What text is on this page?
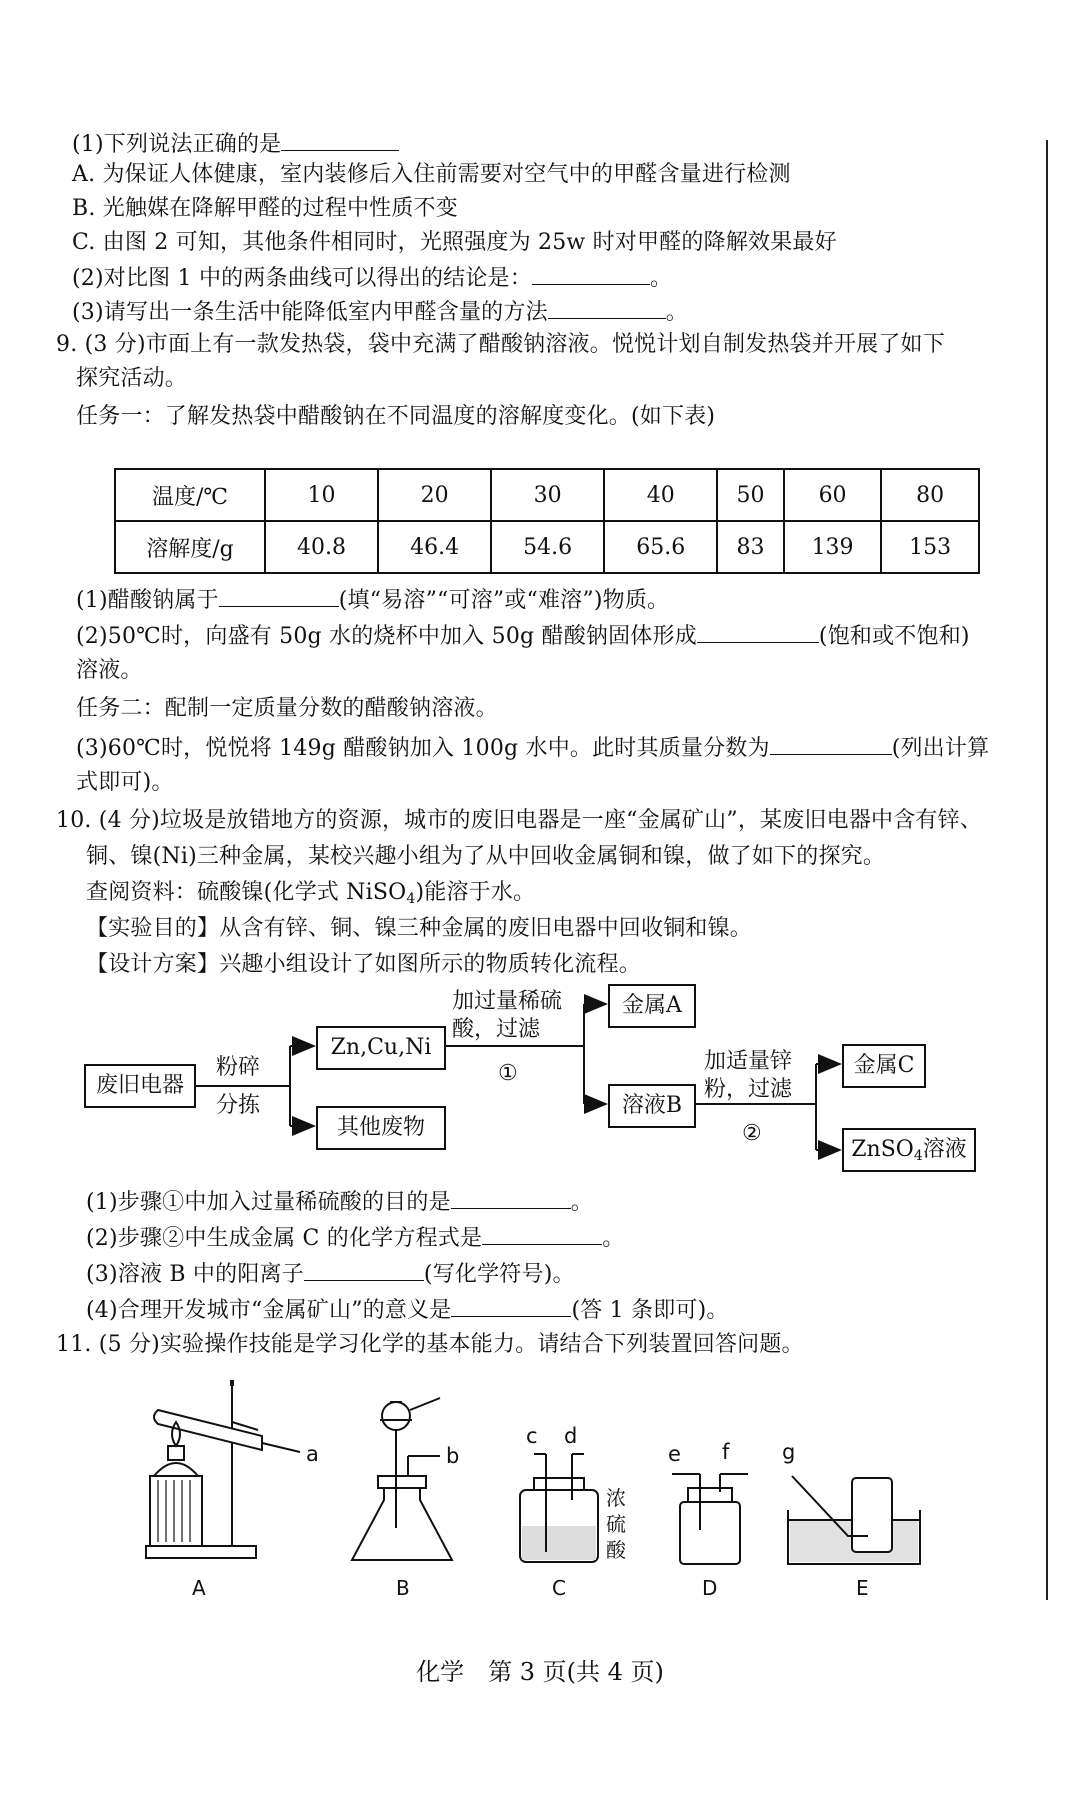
(1)下列说法正确的是
A. 为保证人体健康，室内装修后入住前需要对空气中的甲醛含量进行检测
B. 光触媒在降解甲醛的过程中性质不变
C. 由图 2 可知，其他条件相同时，光照强度为 25w 时对甲醛的降解效果最好
(2)对比图 1 中的两条曲线可以得出的结论是：	。
(3)请写出一条生活中能降低室内甲醛含量的方法	。
9. (3 分)市面上有一款发热袋，袋中充满了醋酸钠溶液。悦悦计划自制发热袋并开展了如下
探究活动。
任务一：了解发热袋中醋酸钠在不同温度的溶解度变化。(如下表)
温度/℃	10	20	30	40	50	60	80
溶解度/g	40.8	46.4	54.6	65.6	83	139	153
(1)醋酸钠属于	(填“易溶”“可溶”或“难溶”)物质。
(2)50℃时，向盛有 50g 水的烧杯中加入 50g 醋酸钠固体形成	(饱和或不饱和)
溶液。
任务二：配制一定质量分数的醋酸钠溶液。
(3)60℃时，悦悦将 149g 醋酸钠加入 100g 水中。此时其质量分数为	(列出计算
式即可)。
10. (4 分)垃圾是放错地方的资源，城市的废旧电器是一座“金属矿山”，某废旧电器中含有锌、
铜、镍(Ni)三种金属，某校兴趣小组为了从中回收金属铜和镍，做了如下的探究。
查阅资料：硫酸镍(化学式 NiSO$_4$)能溶于水。
【实验目的】从含有锌、铜、镍三种金属的废旧电器中回收铜和镍。
【设计方案】兴趣小组设计了如图所示的物质转化流程。
废旧电器
粉碎
分拣
Zn,Cu,Ni
其他废物
加过量稀硫
酸，过滤
①
金属A
溶液B
加适量锌
粉，过滤
②
金属C
ZnSO$_4$溶液
(1)步骤①中加入过量稀硫酸的目的是	。
(2)步骤②中生成金属 C 的化学方程式是	。
(3)溶液 B 中的阳离子	(写化学符号)。
(4)合理开发城市“金属矿山”的意义是	(答 1 条即可)。
11. (5 分)实验操作技能是学习化学的基本能力。请结合下列装置回答问题。
a	b
c d
e f	g
浓
硫
酸
A	B	C	D	E
化学　第 3 页(共 4 页)
